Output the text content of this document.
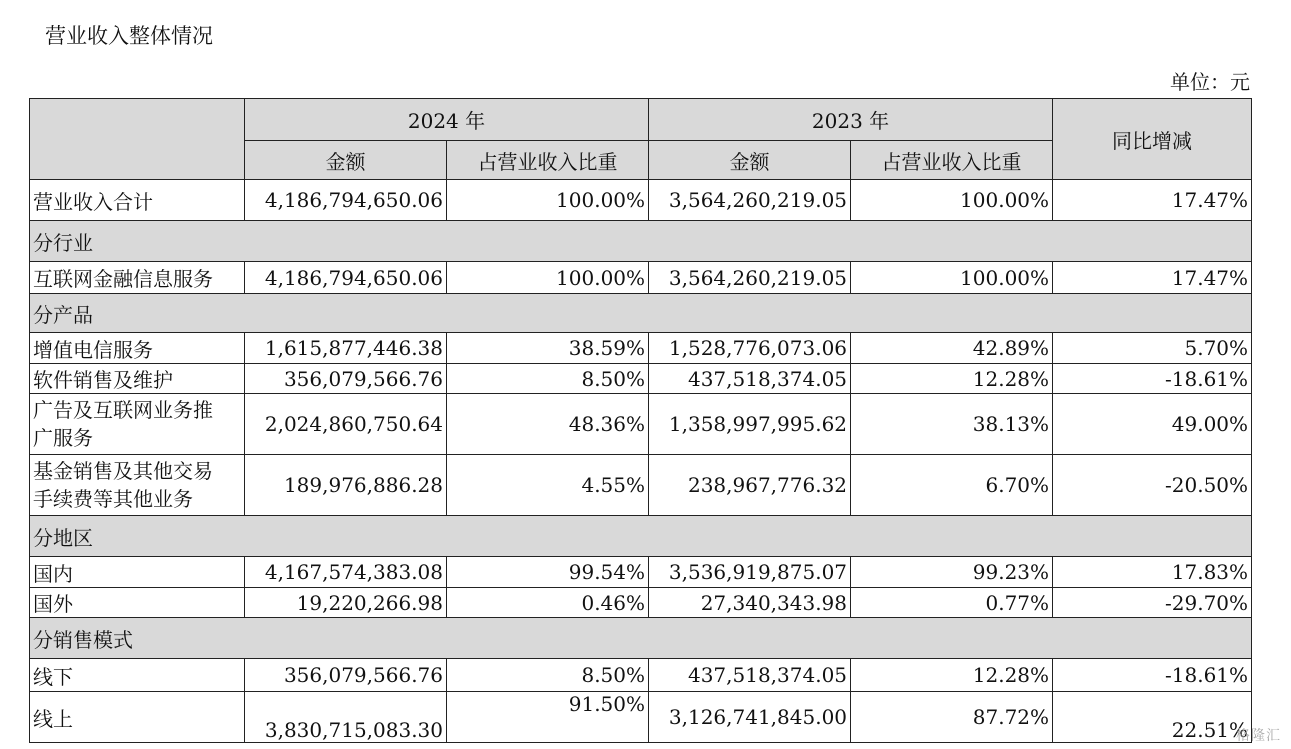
营业收入整体情况
单位：元
	2024 年		2023 年		同比增减
	金额	占营业收入比重	金额	占营业收入比重	
营业收入合计	4,186,794,650.06	100.00%	3,564,260,219.05	100.00%	17.47%
分行业					
互联网金融信息服务	4,186,794,650.06	100.00%	3,564,260,219.05	100.00%	17.47%
分产品					
增值电信服务	1,615,877,446.38	38.59%	1,528,776,073.06	42.89%	5.70%
软件销售及维护	356,079,566.76	8.50%	437,518,374.05	12.28%	-18.61%

广告及互联网业务推
广服务	2,024,860,750.64	48.36%	1,358,997,995.62	38.13%	49.00%

基金销售及其他交易
手续费等其他业务	189,976,886.28	4.55%	238,967,776.32	6.70%	-20.50%
分地区					
国内	4,167,574,383.08	99.54%	3,536,919,875.07	99.23%	17.83%
国外	19,220,266.98	0.46%	27,340,343.98	0.77%	-29.70%
分销售模式					
线下	356,079,566.76	8.50%	437,518,374.05	12.28%	-18.61%
线上	3,830,715,083.30	91.50%	3,126,741,845.00	87.72%	22.51%
格隆汇
